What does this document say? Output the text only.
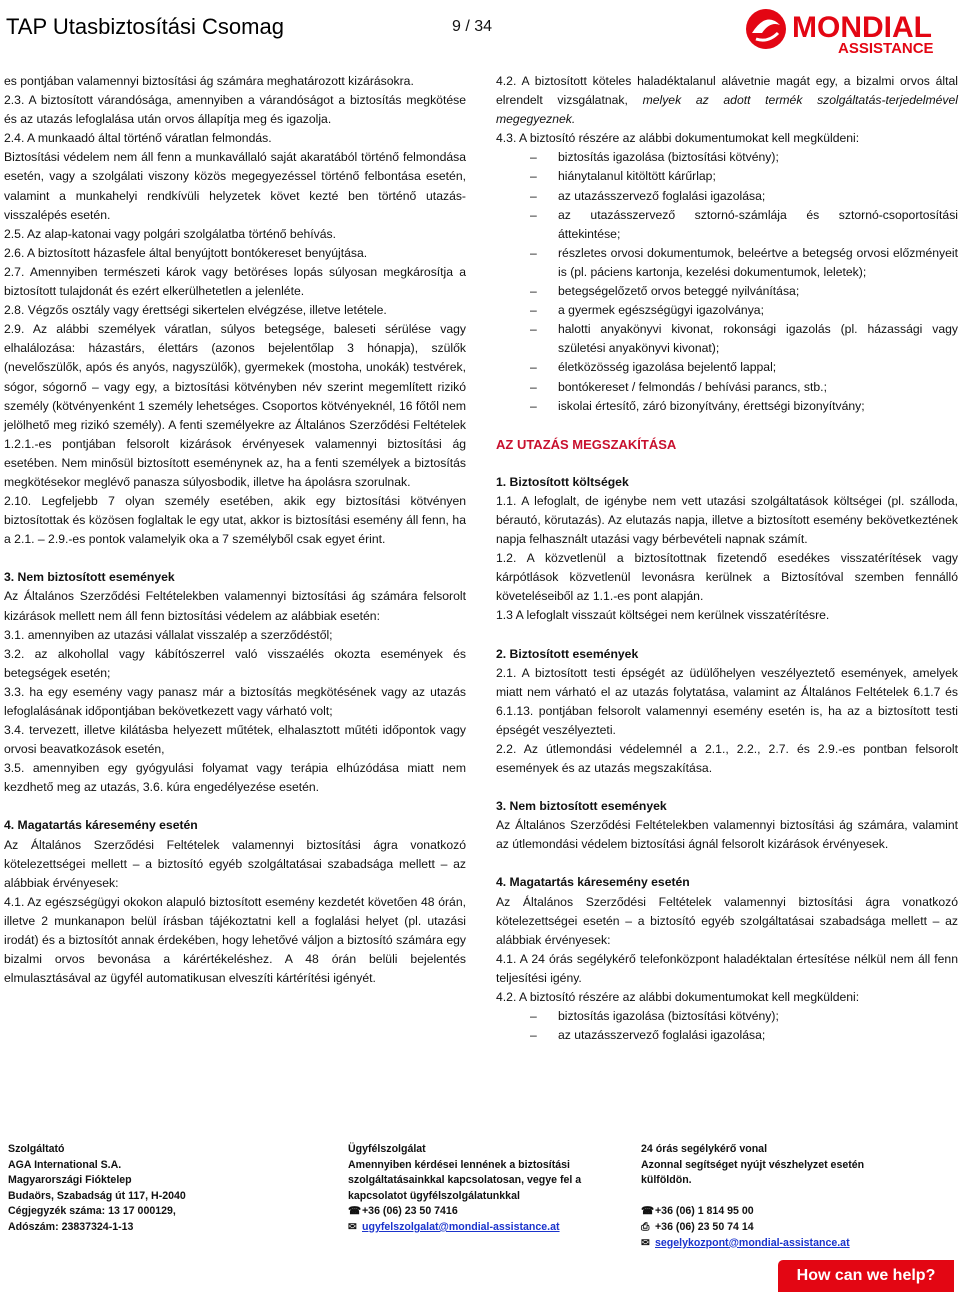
TAP Utasbiztosítási Csomag	9 / 34	MONDIAL
ASSISTANCE

es pontjában valamennyi biztosítási ág számára meghatározott kizárásokra.

2.3. A biztosított várandósága, amennyiben a várandóságot a biztosítás megkötése és az utazás lefoglalása után orvos állapítja meg és igazolja.

2.4. A munkaadó által történő váratlan felmondás.

Biztosítási védelem nem áll fenn a munkavállaló saját akaratából történő felmondása esetén, vagy a szolgálati viszony közös megegyezéssel történő felbontása esetén, valamint a munkahelyi rendkívüli helyzetek követ kezté ben történő utazás-visszalépés esetén.

2.5. Az alap-katonai vagy polgári szolgálatba történő behívás.

2.6. A biztosított házasfele által benyújtott bontókereset benyújtása.

2.7. Amennyiben természeti károk vagy betöréses lopás súlyosan megkárosítja a biztosított tulajdonát és ezért elkerülhetetlen a jelenléte.

2.8. Végzős osztály vagy érettségi sikertelen elvégzése, illetve letétele.

2.9. Az alábbi személyek váratlan, súlyos betegsége, baleseti sérülése vagy elhalálozása: házastárs, élettárs (azonos bejelentőlap 3 hónapja), szülők (nevelőszülők, após és anyós, nagyszülők), gyermekek (mostoha, unokák) testvérek, sógor, sógornő – vagy egy, a biztosítási kötvényben név szerint megemlített rizikó személy (kötvényenként 1 személy lehetséges. Csoportos kötvényeknél, 16 főtől nem jelölhető meg rizikó személy). A fenti személyekre az Általános Szerződési Feltételek 1.2.1.-es pontjában felsorolt kizárások érvényesek valamennyi biztosítási ág esetében. Nem minősül biztosított eseménynek az, ha a fenti személyek a biztosítás megkötésekor meglévő panasza súlyosbodik, illetve ha ápolásra szorulnak.

2.10. Legfeljebb 7 olyan személy esetében, akik egy biztosítási kötvényen biztosítottak és közösen foglaltak le egy utat, akkor is biztosítási esemény áll fenn, ha a 2.1. – 2.9.-es pontok valamelyik oka a 7 személyből csak egyet érint.

3. Nem biztosított események

Az Általános Szerződési Feltételekben valamennyi biztosítási ág számára felsorolt kizárások mellett nem áll fenn biztosítási védelem az alábbiak esetén:

3.1. amennyiben az utazási vállalat visszalép a szerződéstől;

3.2. az alkohollal vagy kábítószerrel való visszaélés okozta események és betegségek esetén;

3.3. ha egy esemény vagy panasz már a biztosítás megkötésének vagy az utazás lefoglalásának időpontjában bekövetkezett vagy várható volt;

3.4. tervezett, illetve kilátásba helyezett műtétek, elhalasztott műtéti időpontok vagy orvosi beavatkozások esetén,

3.5. amennyiben egy gyógyulási folyamat vagy terápia elhúzódása miatt nem kezdhető meg az utazás, 3.6. kúra engedélyezése esetén.

4. Magatartás káresemény esetén

Az Általános Szerződési Feltételek valamennyi biztosítási ágra vonatkozó kötelezettségei mellett – a biztosító egyéb szolgáltatásai szabadsága mellett – az alábbiak érvényesek:

4.1. Az egészségügyi okokon alapuló biztosított esemény kezdetét követően 48 órán, illetve 2 munkanapon belül írásban tájékoztatni kell a foglalási helyet (pl. utazási irodát) és a biztosítót annak érdekében, hogy lehetővé váljon a biztosító számára egy bizalmi orvos bevonása a kárértékeléshez. A 48 órán belüli bejelentés elmulasztásával az ügyfél automatikusan elveszíti kártérítési igényét.

4.2. A biztosított köteles haladéktalanul alávetnie magát egy, a bizalmi orvos által elrendelt vizsgálatnak, melyek az adott termék szolgáltatás-terjedelmével megegyeznek.

4.3. A biztosító részére az alábbi dokumentumokat kell megküldeni:

– biztosítás igazolása (biztosítási kötvény);
– hiánytalanul kitöltött kárűrlap;
– az utazásszervező foglalási igazolása;
– az utazásszervező sztornó-számlája és sztornó-csoportosítási áttekintése;
– részletes orvosi dokumentumok, beleértve a betegség orvosi előzményeit is (pl. páciens kartonja, kezelési dokumentumok, leletek);
– betegségelőzető orvos beteggé nyilvánítása;
– a gyermek egészségügyi igazolványa;
– halotti anyakönyvi kivonat, rokonsági igazolás (pl. házassági vagy születési anyakönyvi kivonat);
– életközösség igazolása bejelentő lappal;
– bontókereset / felmondás / behívási parancs, stb.;
– iskolai értesítő, záró bizonyítvány, érettségi bizonyítvány;

AZ UTAZÁS MEGSZAKÍTÁSA

1. Biztosított költségek

1.1. A lefoglalt, de igénybe nem vett utazási szolgáltatások költségei (pl. szálloda, bérautó, körutazás). Az elutazás napja, illetve a biztosított esemény bekövetkeztének napja felhasznált utazási vagy bérbevételi napnak számít.

1.2. A közvetlenül a biztosítottnak fizetendő esedékes visszatérítések vagy kárpótlások közvetlenül levonásra kerülnek a Biztosítóval szemben fennálló követeléseiből az 1.1.-es pont alapján.

1.3 A lefoglalt visszaút költségei nem kerülnek visszatérítésre.

2. Biztosított események

2.1. A biztosított testi épségét az üdülőhelyen veszélyeztető események, amelyek miatt nem várható el az utazás folytatása, valamint az Általános Feltételek 6.1.7 és 6.1.13. pontjában felsorolt valamennyi esemény esetén is, ha az a biztosított testi épségét veszélyezteti.

2.2. Az útlemondási védelemnél a 2.1., 2.2., 2.7. és 2.9.-es pontban felsorolt események és az utazás megszakítása.

3. Nem biztosított események

Az Általános Szerződési Feltételekben valamennyi biztosítási ág számára, valamint az útlemondási védelem biztosítási ágnál felsorolt kizárások érvényesek.

4. Magatartás káresemény esetén

Az Általános Szerződési Feltételek valamennyi biztosítási ágra vonatkozó kötelezettségei esetén – a biztosító egyéb szolgáltatásai szabadsága mellett – az alábbiak érvényesek:

4.1. A 24 órás segélykérő telefonközpont haladéktalan értesítése nélkül nem áll fenn teljesítési igény.

4.2. A biztosító részére az alábbi dokumentumokat kell megküldeni:

– biztosítás igazolása (biztosítási kötvény);
– az utazásszervező foglalási igazolása;
Szolgáltató
AGA International S.A.
Magyarországi Fióktelep
Budaörs, Szabadság út 117, H-2040
Cégjegyzék száma: 13 17 000129,
Adószám: 23837324-1-13
Ügyfélszolgálat
Amennyiben kérdései lennének a biztosítási
szolgáltatásainkkal kapcsolatosan, vegye fel a
kapcsolatot ügyfélszolgálatunkkal
☎+36 (06) 23 50 7416
✉ ugyfelszolgalat@mondial-assistance.at
24 órás segélykérő vonal
Azonnal segítséget nyújt vészhelyzet esetén
külföldön.

☎+36 (06) 1 814 95 00
⎙ +36 (06) 23 50 74 14
✉ segelykozpont@mondial-assistance.at
How can we help?
